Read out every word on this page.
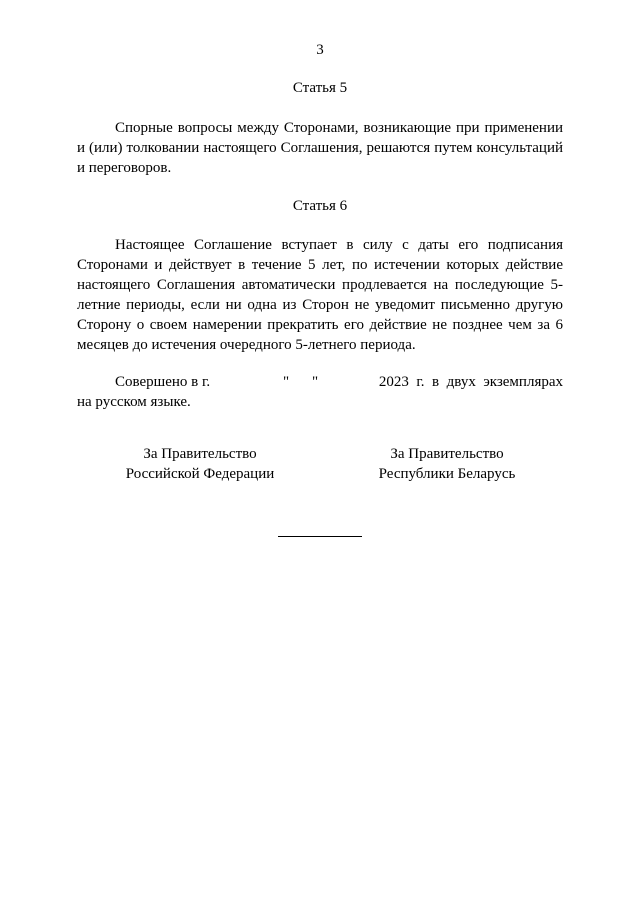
3
Статья 5

Спорные вопросы между Сторонами, возникающие при применении и (или) толковании настоящего Соглашения, решаются путем консультаций и переговоров.

Статья 6

Настоящее Соглашение вступает в силу с даты его подписания Сторонами и действует в течение 5 лет, по истечении которых действие настоящего Соглашения автоматически продлевается на последующие 5-летние периоды, если ни одна из Сторон не уведомит письменно другую Сторону о своем намерении прекратить его действие не позднее чем за 6 месяцев до истечения очередного 5-летнего периода.

Совершено в г.	" "	2023  г.  в  двух  экземплярах
на русском языке.
За Правительство
Российской Федерации
За Правительство
Республики Беларусь
